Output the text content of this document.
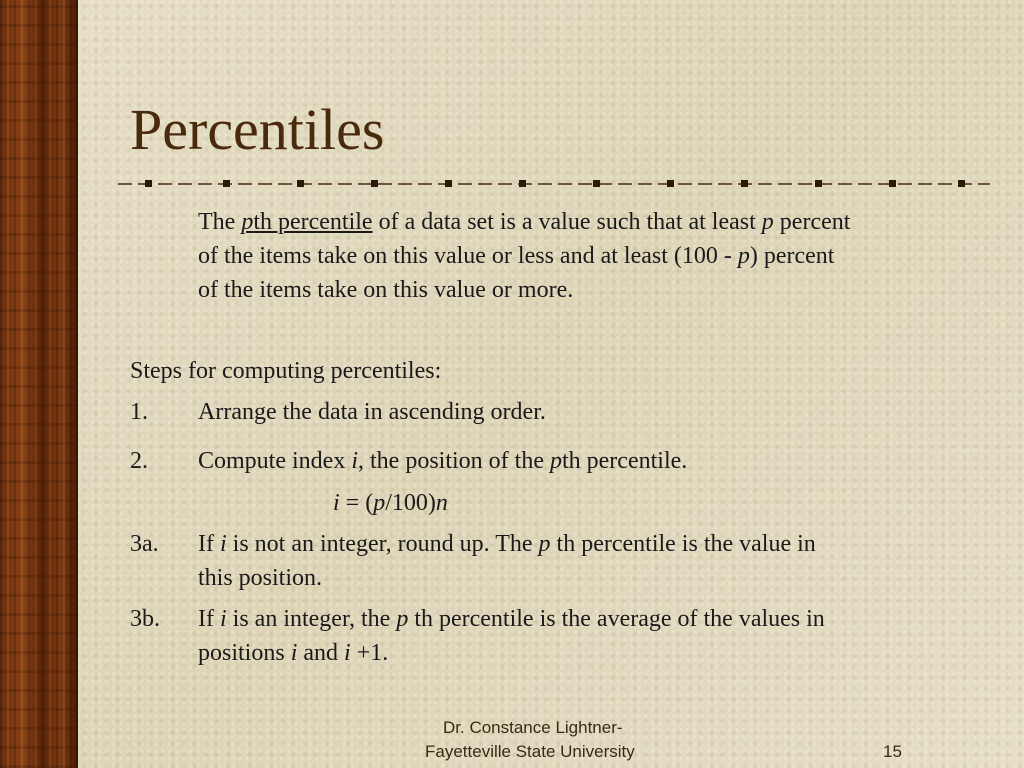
Percentiles
The pth percentile of a data set is a value such that at least p percent
of the items take on this value or less and at least (100 - p) percent
of the items take on this value or more.
Steps for computing percentiles:
1. Arrange the data in ascending order.
2. Compute index i, the position of the pth percentile.
i = (p/100)n
3a. If i is not an integer, round up. The p th percentile is the value in
this position.
3b. If i is an integer, the p th percentile is the average of the values in
positions i and i +1.
Dr. Constance Lightner-
Fayetteville State University	15
